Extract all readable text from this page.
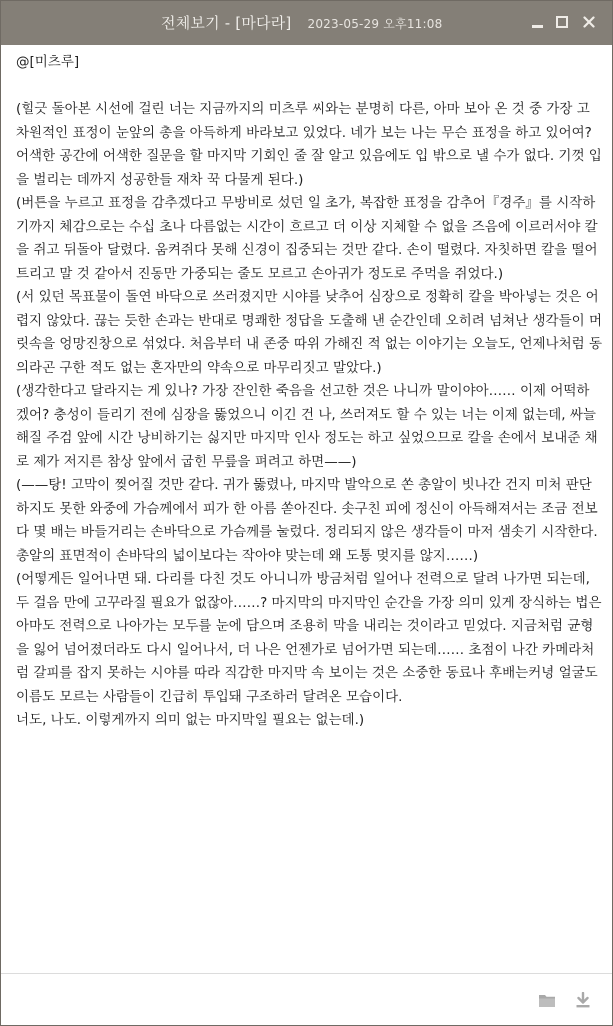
전체보기 - [마다라] 2023-05-29 오후11:08

@[미츠루]

(힐긋 돌아본 시선에 걸린 너는 지금까지의 미츠루 씨와는 분명히 다른, 아마 보아 온 것 중 가장 고차원적인 표정이 눈앞의 총을 아득하게 바라보고 있었다. 네가 보는 나는 무슨 표정을 하고 있어여? 어색한 공간에 어색한 질문을 할 마지막 기회인 줄 잘 알고 있음에도 입 밖으로 낼 수가 없다. 기껏 입을 벌리는 데까지 성공한들 재차 꾹 다물게 된다.)
(버튼을 누르고 표정을 감추겠다고 무방비로 섰던 일 초가, 복잡한 표정을 감추어『경주』를 시작하기까지 체감으로는 수십 초나 다름없는 시간이 흐르고 더 이상 지체할 수 없을 즈음에 이르러서야 칼을 쥐고 뒤돌아 달렸다. 움켜쥐다 못해 신경이 집중되는 것만 같다. 손이 떨렸다. 자칫하면 칼을 떨어트리고 말 것 같아서 진동만 가중되는 줄도 모르고 손아귀가 정도로 주먹을 쥐었다.)
(서 있던 목표물이 돌연 바닥으로 쓰러졌지만 시야를 낮추어 심장으로 정확히 칼을 박아넣는 것은 어렵지 않았다. 끊는 듯한 손과는 반대로 명쾌한 정답을 도출해 낸 순간인데 오히려 넘쳐난 생각들이 머릿속을 엉망진창으로 섞었다. 처음부터 내 존중 따위 가해진 적 없는 이야기는 오늘도, 언제나처럼 동의라곤 구한 적도 없는 혼자만의 약속으로 마무리짓고 말았다.)
(생각한다고 달라지는 게 있나? 가장 잔인한 죽음을 선고한 것은 나니까 말이야아…… 이제 어떡하겠어? 충성이 들리기 전에 심장을 뚫었으니 이긴 건 나, 쓰러져도 할 수 있는 너는 이제 없는데, 싸늘해질 주검 앞에 시간 낭비하기는 싫지만 마지막 인사 정도는 하고 싶었으므로 칼을 손에서 보내준 채로 제가 저지른 참상 앞에서 굽힌 무릎을 펴려고 하면——)
(——탕! 고막이 찢어질 것만 같다. 귀가 뚫렸나, 마지막 발악으로 쏜 총알이 빗나간 건지 미처 판단하지도 못한 와중에 가슴께에서 피가 한 아름 쏟아진다. 솟구친 피에 정신이 아득해져서는 조금 전보다 몇 배는 바들거리는 손바닥으로 가슴께를 눌렀다. 정리되지 않은 생각들이 마저 샘솟기 시작한다. 총알의 표면적이 손바닥의 넓이보다는 작아야 맞는데 왜 도통 멎지를 않지……)
(어떻게든 일어나면 돼. 다리를 다친 것도 아니니까 방금처럼 일어나 전력으로 달려 나가면 되는데, 두 걸음 만에 고꾸라질 필요가 없잖아……? 마지막의 마지막인 순간을 가장 의미 있게 장식하는 법은 아마도 전력으로 나아가는 모두를 눈에 담으며 조용히 막을 내리는 것이라고 믿었다. 지금처럼 균형을 잃어 넘어졌더라도 다시 일어나서, 더 나은 언젠가로 넘어가면 되는데…… 초점이 나간 카메라처럼 갈피를 잡지 못하는 시야를 따라 직감한 마지막 속 보이는 것은 소중한 동료나 후배는커녕 얼굴도 이름도 모르는 사람들이 긴급히 투입돼 구조하러 달려온 모습이다.
너도, 나도. 이렇게까지 의미 없는 마지막일 필요는 없는데.)
